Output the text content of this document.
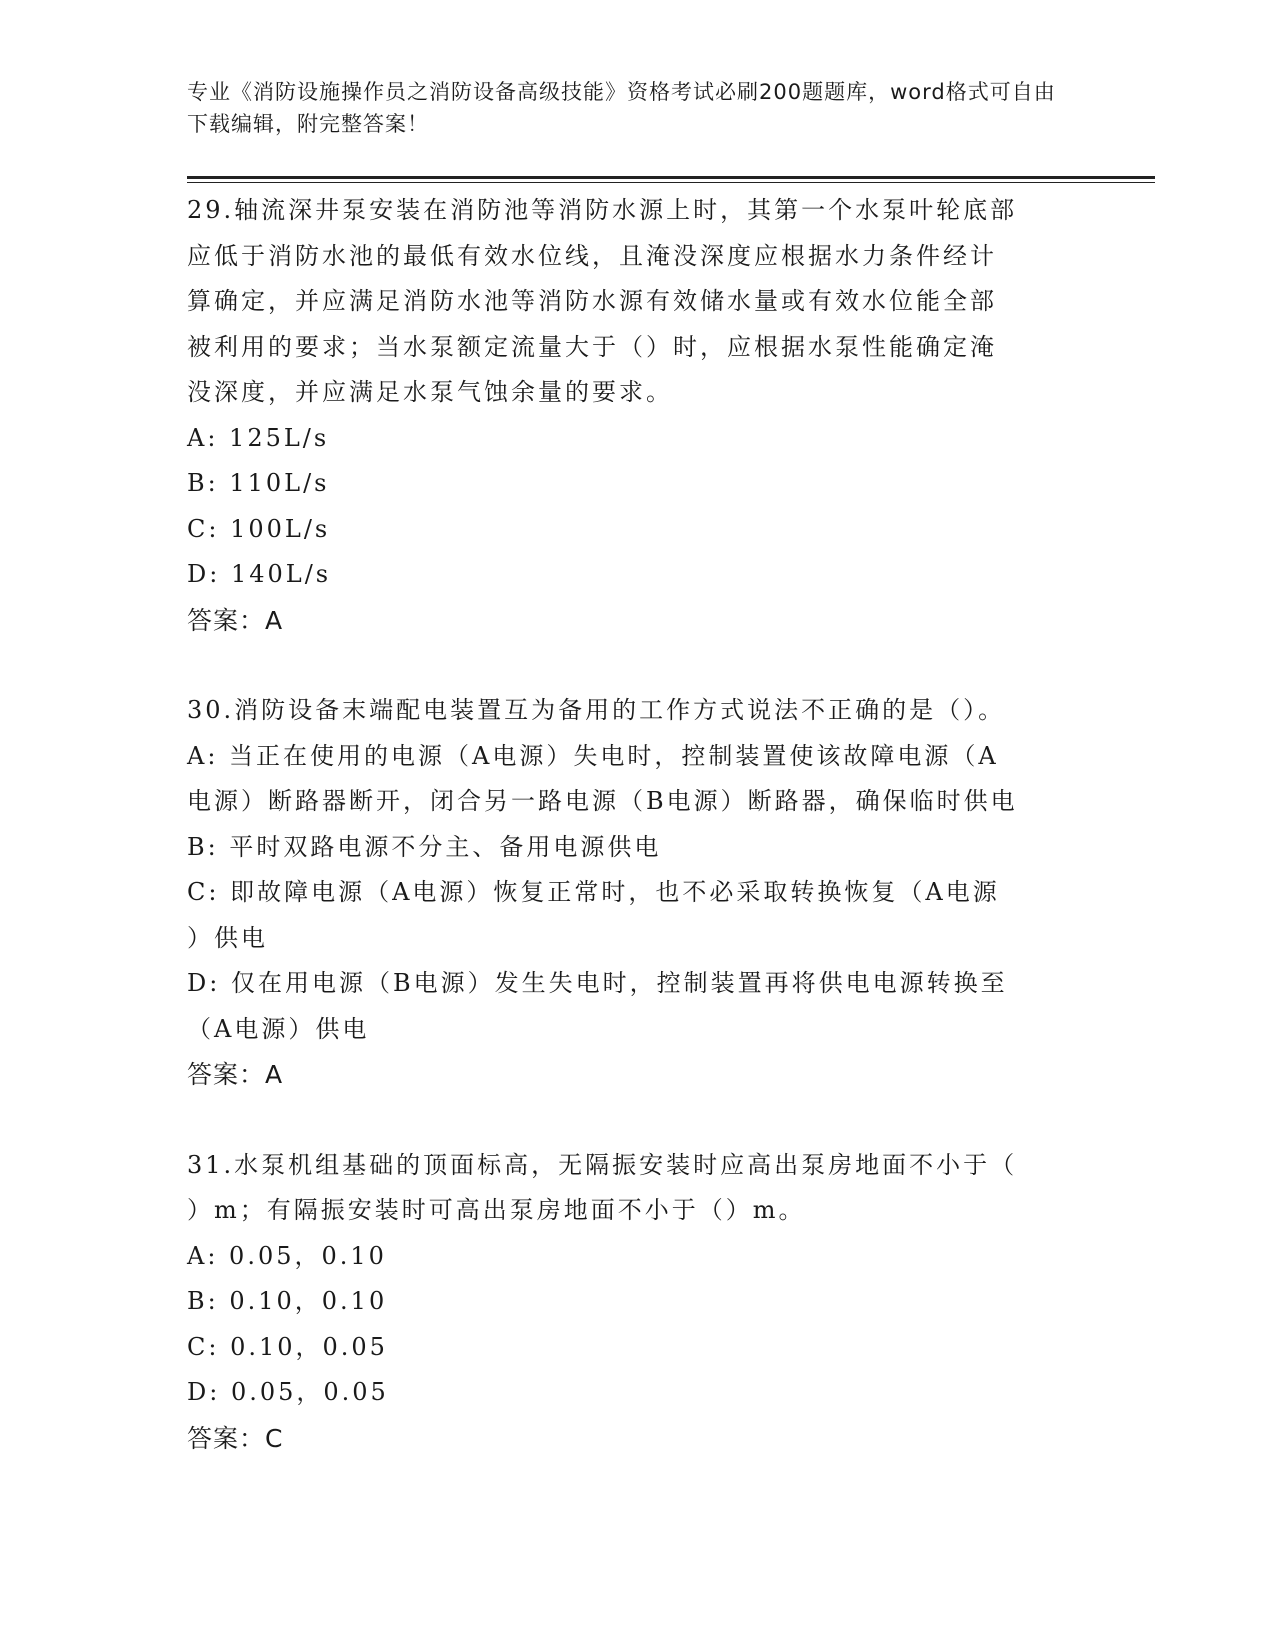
专业《消防设施操作员之消防设备高级技能》资格考试必刷200题题库，word格式可自由下载编辑，附完整答案！

29.轴流深井泵安装在消防池等消防水源上时，其第一个水泵叶轮底部
应低于消防水池的最低有效水位线，且淹没深度应根据水力条件经计
算确定，并应满足消防水池等消防水源有效储水量或有效水位能全部
被利用的要求；当水泵额定流量大于（）时，应根据水泵性能确定淹
没深度，并应满足水泵气蚀余量的要求。

A: 125L/s

B: 110L/s

C: 100L/s

D: 140L/s

答案：A

30.消防设备末端配电装置互为备用的工作方式说法不正确的是（）。

A: 当正在使用的电源（A电源）失电时，控制装置使该故障电源（A
电源）断路器断开，闭合另一路电源（B电源）断路器，确保临时供电

B: 平时双路电源不分主、备用电源供电

C: 即故障电源（A电源）恢复正常时，也不必采取转换恢复（A电源
）供电

D: 仅在用电源（B电源）发生失电时，控制装置再将供电电源转换至
（A电源）供电

答案：A

31.水泵机组基础的顶面标高，无隔振安装时应高出泵房地面不小于（
）m；有隔振安装时可高出泵房地面不小于（）m。

A: 0.05，0.10

B: 0.10，0.10

C: 0.10，0.05

D: 0.05，0.05

答案：C
